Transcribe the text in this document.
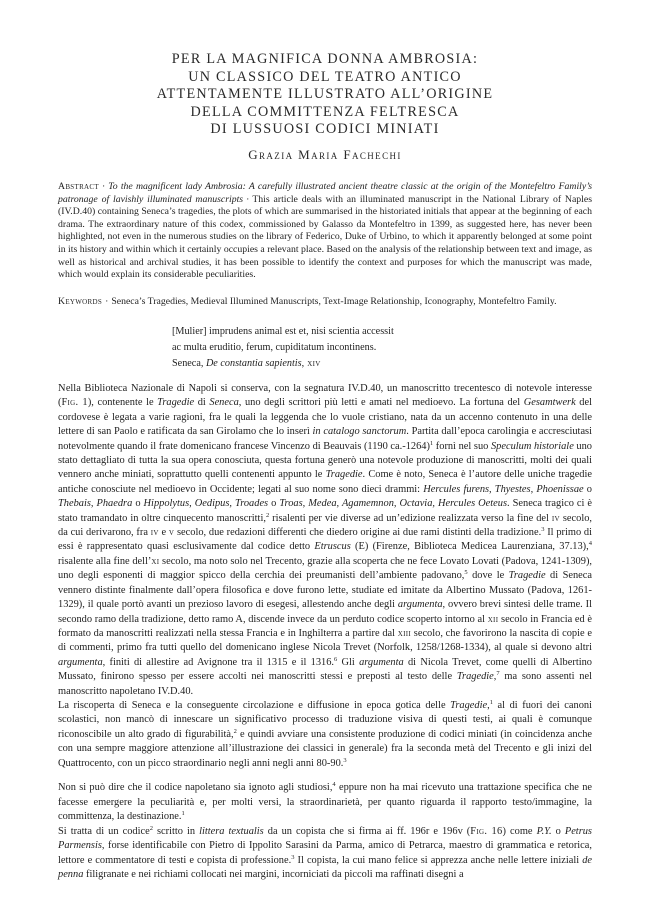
PER LA MAGNIFICA DONNA AMBROSIA:
UN CLASSICO DEL TEATRO ANTICO
ATTENTAMENTE ILLUSTRATO ALL’ORIGINE
DELLA COMMITTENZA FELTRESCA
DI LUSSUOSI CODICI MINIATI
Grazia Maria Fachechi
Abstract · To the magnificent lady Ambrosia: A carefully illustrated ancient theatre classic at the origin of the Montefeltro Family’s patronage of lavishly illuminated manuscripts · This article deals with an illuminated manuscript in the National Library of Naples (IV.D.40) containing Seneca’s tragedies, the plots of which are summarised in the historiated initials that appear at the beginning of each drama. The extraordinary nature of this codex, commissioned by Galasso da Montefeltro in 1399, as suggested here, has never been highlighted, not even in the numerous studies on the library of Federico, Duke of Urbino, to which it apparently belonged at some point in its history and within which it certainly occupies a relevant place. Based on the analysis of the relationship between text and image, as well as historical and archival studies, it has been possible to identify the context and purposes for which the manuscript was made, which would explain its considerable peculiarities.
Keywords · Seneca’s Tragedies, Medieval Illumined Manuscripts, Text-Image Relationship, Iconography, Montefeltro Family.
[Mulier] imprudens animal est et, nisi scientia accessit
ac multa eruditio, ferum, cupiditatum incontinens.
Seneca, De constantia sapientis, xiv

Nella Biblioteca Nazionale di Napoli si conserva, con la segnatura IV.D.40, un manoscritto trecentesco di notevole interesse (Fig. 1), contenente le Tragedie di Seneca, uno degli scrittori più letti e amati nel medioevo. La fortuna del Gesamtwerk del cordovese è legata a varie ragioni, fra le quali la leggenda che lo vuole cristiano, nata da un accenno contenuto in una delle lettere di san Paolo e ratificata da san Girolamo che lo inserì in catalogo sanctorum. Partita dall’epoca carolingia e accresciutasi notevolmente quando il frate domenicano francese Vincenzo di Beauvais (1190 ca.-1264)$^1$ fornì nel suo Speculum historiale uno stato dettagliato di tutta la sua opera conosciuta, questa fortuna generò una notevole produzione di manoscritti, molti dei quali vennero anche miniati, soprattutto quelli contenenti appunto le Tragedie. Come è noto, Seneca è l’autore delle uniche tragedie antiche conosciute nel medioevo in Occidente; legati al suo nome sono dieci drammi: Hercules furens, Thyestes, Phoenissae o Thebais, Phaedra o Hippolytus, Oedipus, Troades o Troas, Medea, Agamemnon, Octavia, Hercules Oeteus. Seneca tragico ci è stato tramandato in oltre cinquecento manoscritti,$^2$ risalenti per vie diverse ad un’edizione realizzata verso la fine del iv secolo, da cui derivarono, fra iv e v secolo, due redazioni differenti che diedero origine ai due rami distinti della tradizione.$^3$ Il primo di essi è rappresentato quasi esclusivamente dal codice detto Etruscus (E) (Firenze, Biblioteca Medicea Laurenziana, 37.13),$^4$ risalente alla fine dell’xi secolo, ma noto solo nel Trecento, grazie alla scoperta che ne fece Lovato Lovati (Padova, 1241-1309), uno degli esponenti di maggior spicco della cerchia dei preumanisti dell’ambiente padovano,$^5$ dove le Tragedie di Seneca vennero distinte finalmente dall’opera filosofica e dove furono lette, studiate ed imitate da Albertino Mussato (Padova, 1261-1329), il quale portò avanti un prezioso lavoro di esegesi, allestendo anche degli argumenta, ovvero brevi sintesi delle trame. Il secondo ramo della tradizione, detto ramo A, discende invece da un perduto codice scoperto intorno al xii secolo in Francia ed è formato da manoscritti realizzati nella stessa Francia e in Inghilterra a partire dal xiii secolo, che favorirono la nascita di copie e di commenti, primo fra tutti quello del domenicano inglese Nicola Trevet (Norfolk, 1258/1268-1334), al quale si devono altri argumenta, finiti di allestire ad Avignone tra il 1315 e il 1316.$^6$ Gli argumenta di Nicola Trevet, come quelli di Albertino Mussato, finirono spesso per essere accolti nei manoscritti stessi e preposti al testo delle Tragedie,$^7$ ma sono assenti nel manoscritto napoletano IV.D.40.

La riscoperta di Seneca e la conseguente circolazione e diffusione in epoca gotica delle Tragedie,$^1$ al di fuori dei canoni scolastici, non mancò di innescare un significativo processo di traduzione visiva di questi testi, ai quali è comunque riconoscibile un alto grado di figurabilità,$^2$ e quindi avviare una consistente produzione di codici miniati (in coincidenza anche con una sempre maggiore attenzione all’illustrazione dei classici in generale) fra la seconda metà del Trecento e gli inizi del Quattrocento, con un picco straordinario negli anni negli anni 80-90.$^3$

Non si può dire che il codice napoletano sia ignoto agli studiosi,$^4$ eppure non ha mai ricevuto una trattazione specifica che ne facesse emergere la peculiarità e, per molti versi, la straordinarietà, per quanto riguarda il rapporto testo/immagine, la committenza, la destinazione.$^1$

Si tratta di un codice$^2$ scritto in littera textualis da un copista che si firma ai ff. 196r e 196v (Fig. 16) come P.Y. o Petrus Parmensis, forse identificabile con Pietro di Ippolito Sarasini da Parma, amico di Petrarca, maestro di grammatica e retorica, lettore e commentatore di testi e copista di professione.$^3$ Il copista, la cui mano felice si apprezza anche nelle lettere iniziali de penna filigranate e nei richiami collocati nei margini, incorniciati da piccoli ma raffinati disegni a
